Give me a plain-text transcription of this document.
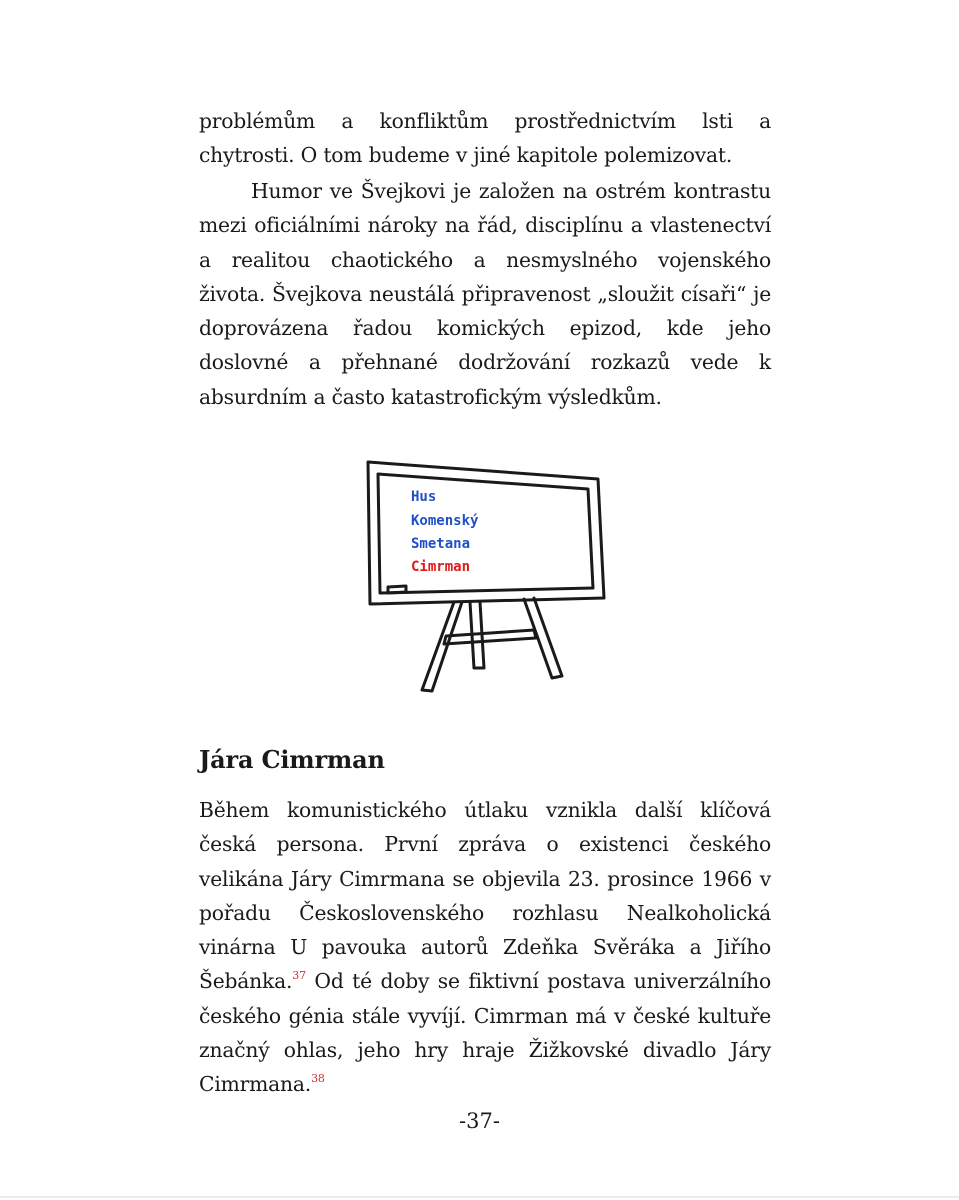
problémům a konfliktům prostřednictvím lsti a chytrosti. O tom budeme v jiné kapitole polemizovat.

Humor ve Švejkovi je založen na ostrém kontrastu mezi oficiálními nároky na řád, disciplínu a vlastenectví a realitou chaotického a nesmyslného vojenského života. Švejkova neustálá připravenost „sloužit císaři“ je doprovázena řadou komických epizod, kde jeho doslovné a přehnané dodržování rozkazů vede k absurdním a často katastrofickým výsledkům.

Hus
Komenský
Smetana
Cimrman
Jára Cimrman

Během komunistického útlaku vznikla další klíčová česká persona. První zpráva o existenci českého velikána Járy Cimrmana se objevila 23. prosince 1966 v pořadu Československého rozhlasu Nealkoholická vinárna U pavouka autorů Zdeňka Svěráka a Jiřího Šebánka.$^{37}$ Od té doby se fiktivní postava univerzálního českého génia stále vyvíjí. Cimrman má v české kultuře značný ohlas, jeho hry hraje Žižkovské divadlo Járy Cimrmana.$^{38}$

-37-
